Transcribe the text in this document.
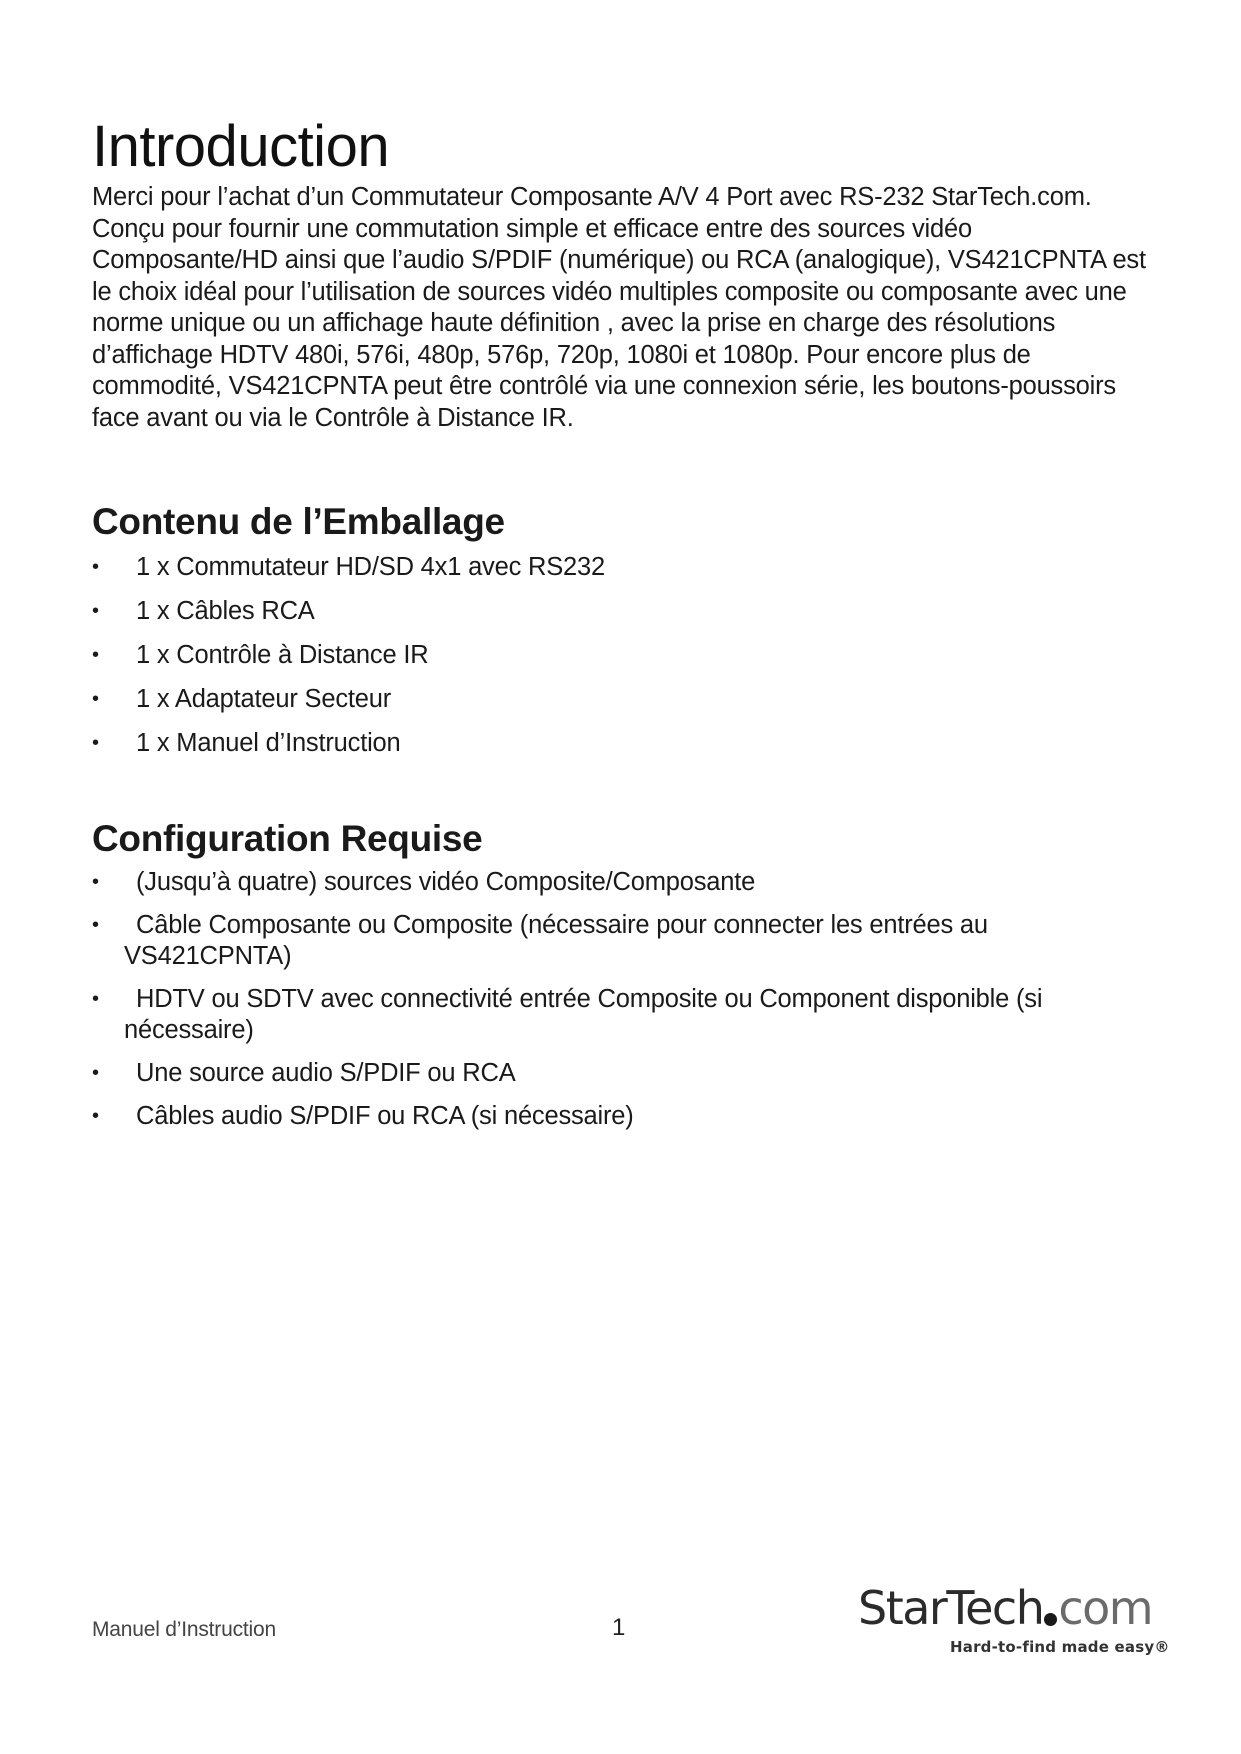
Introduction

Merci pour l’achat d’un Commutateur Composante A/V 4 Port avec RS-232 StarTech.com. Conçu pour fournir une commutation simple et efficace entre des sources vidéo Composante/HD ainsi que l’audio S/PDIF (numérique) ou RCA (analogique), VS421CPNTA est le choix idéal pour l’utilisation de sources vidéo multiples composite ou composante avec une norme unique ou un affichage haute définition , avec la prise en charge des résolutions d’affichage HDTV 480i, 576i, 480p, 576p, 720p, 1080i et 1080p. Pour encore plus de commodité, VS421CPNTA peut être contrôlé via une connexion série, les boutons-poussoirs face avant ou via le Contrôle à Distance IR.

Contenu de l’Emballage
• 1 x Commutateur HD/SD 4x1 avec RS232
• 1 x Câbles RCA
• 1 x Contrôle à Distance IR
• 1 x Adaptateur Secteur
• 1 x Manuel d’Instruction
Configuration Requise
• (Jusqu’à quatre) sources vidéo Composite/Composante
• Câble Composante ou Composite (nécessaire pour connecter les entrées au VS421CPNTA)
• HDTV ou SDTV avec connectivité entrée Composite ou Component disponible (si nécessaire)
• Une source audio S/PDIF ou RCA
• Câbles audio S/PDIF ou RCA (si nécessaire)
Manuel d’Instruction	1	StarTech com
Hard-to-find made easy®
